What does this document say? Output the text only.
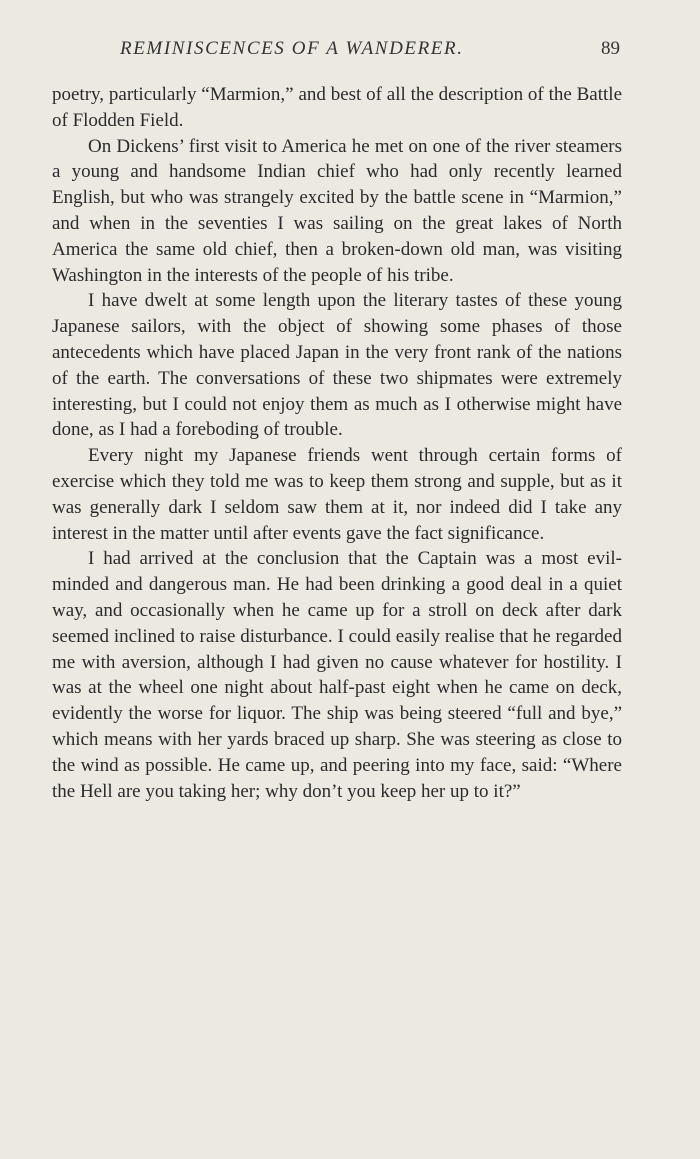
REMINISCENCES OF A WANDERER.	89

poetry, particularly “Marmion,” and best of all the description of the Battle of Flodden Field.

On Dickens’ first visit to America he met on one of the river steamers a young and handsome Indian chief who had only recently learned English, but who was strangely excited by the battle scene in “Marmion,” and when in the seventies I was sailing on the great lakes of North America the same old chief, then a broken-down old man, was visiting Washington in the interests of the people of his tribe.

I have dwelt at some length upon the literary tastes of these young Japanese sailors, with the object of showing some phases of those antecedents which have placed Japan in the very front rank of the nations of the earth. The conversations of these two shipmates were extremely interesting, but I could not enjoy them as much as I otherwise might have done, as I had a foreboding of trouble.

Every night my Japanese friends went through certain forms of exercise which they told me was to keep them strong and supple, but as it was generally dark I seldom saw them at it, nor indeed did I take any interest in the matter until after events gave the fact significance.

I had arrived at the conclusion that the Captain was a most evil-minded and dangerous man. He had been drinking a good deal in a quiet way, and occasionally when he came up for a stroll on deck after dark seemed inclined to raise disturbance. I could easily realise that he regarded me with aversion, although I had given no cause whatever for hostility. I was at the wheel one night about half-past eight when he came on deck, evidently the worse for liquor. The ship was being steered “full and bye,” which means with her yards braced up sharp. She was steering as close to the wind as possible. He came up, and peering into my face, said: “Where the Hell are you taking her; why don’t you keep her up to it?”
